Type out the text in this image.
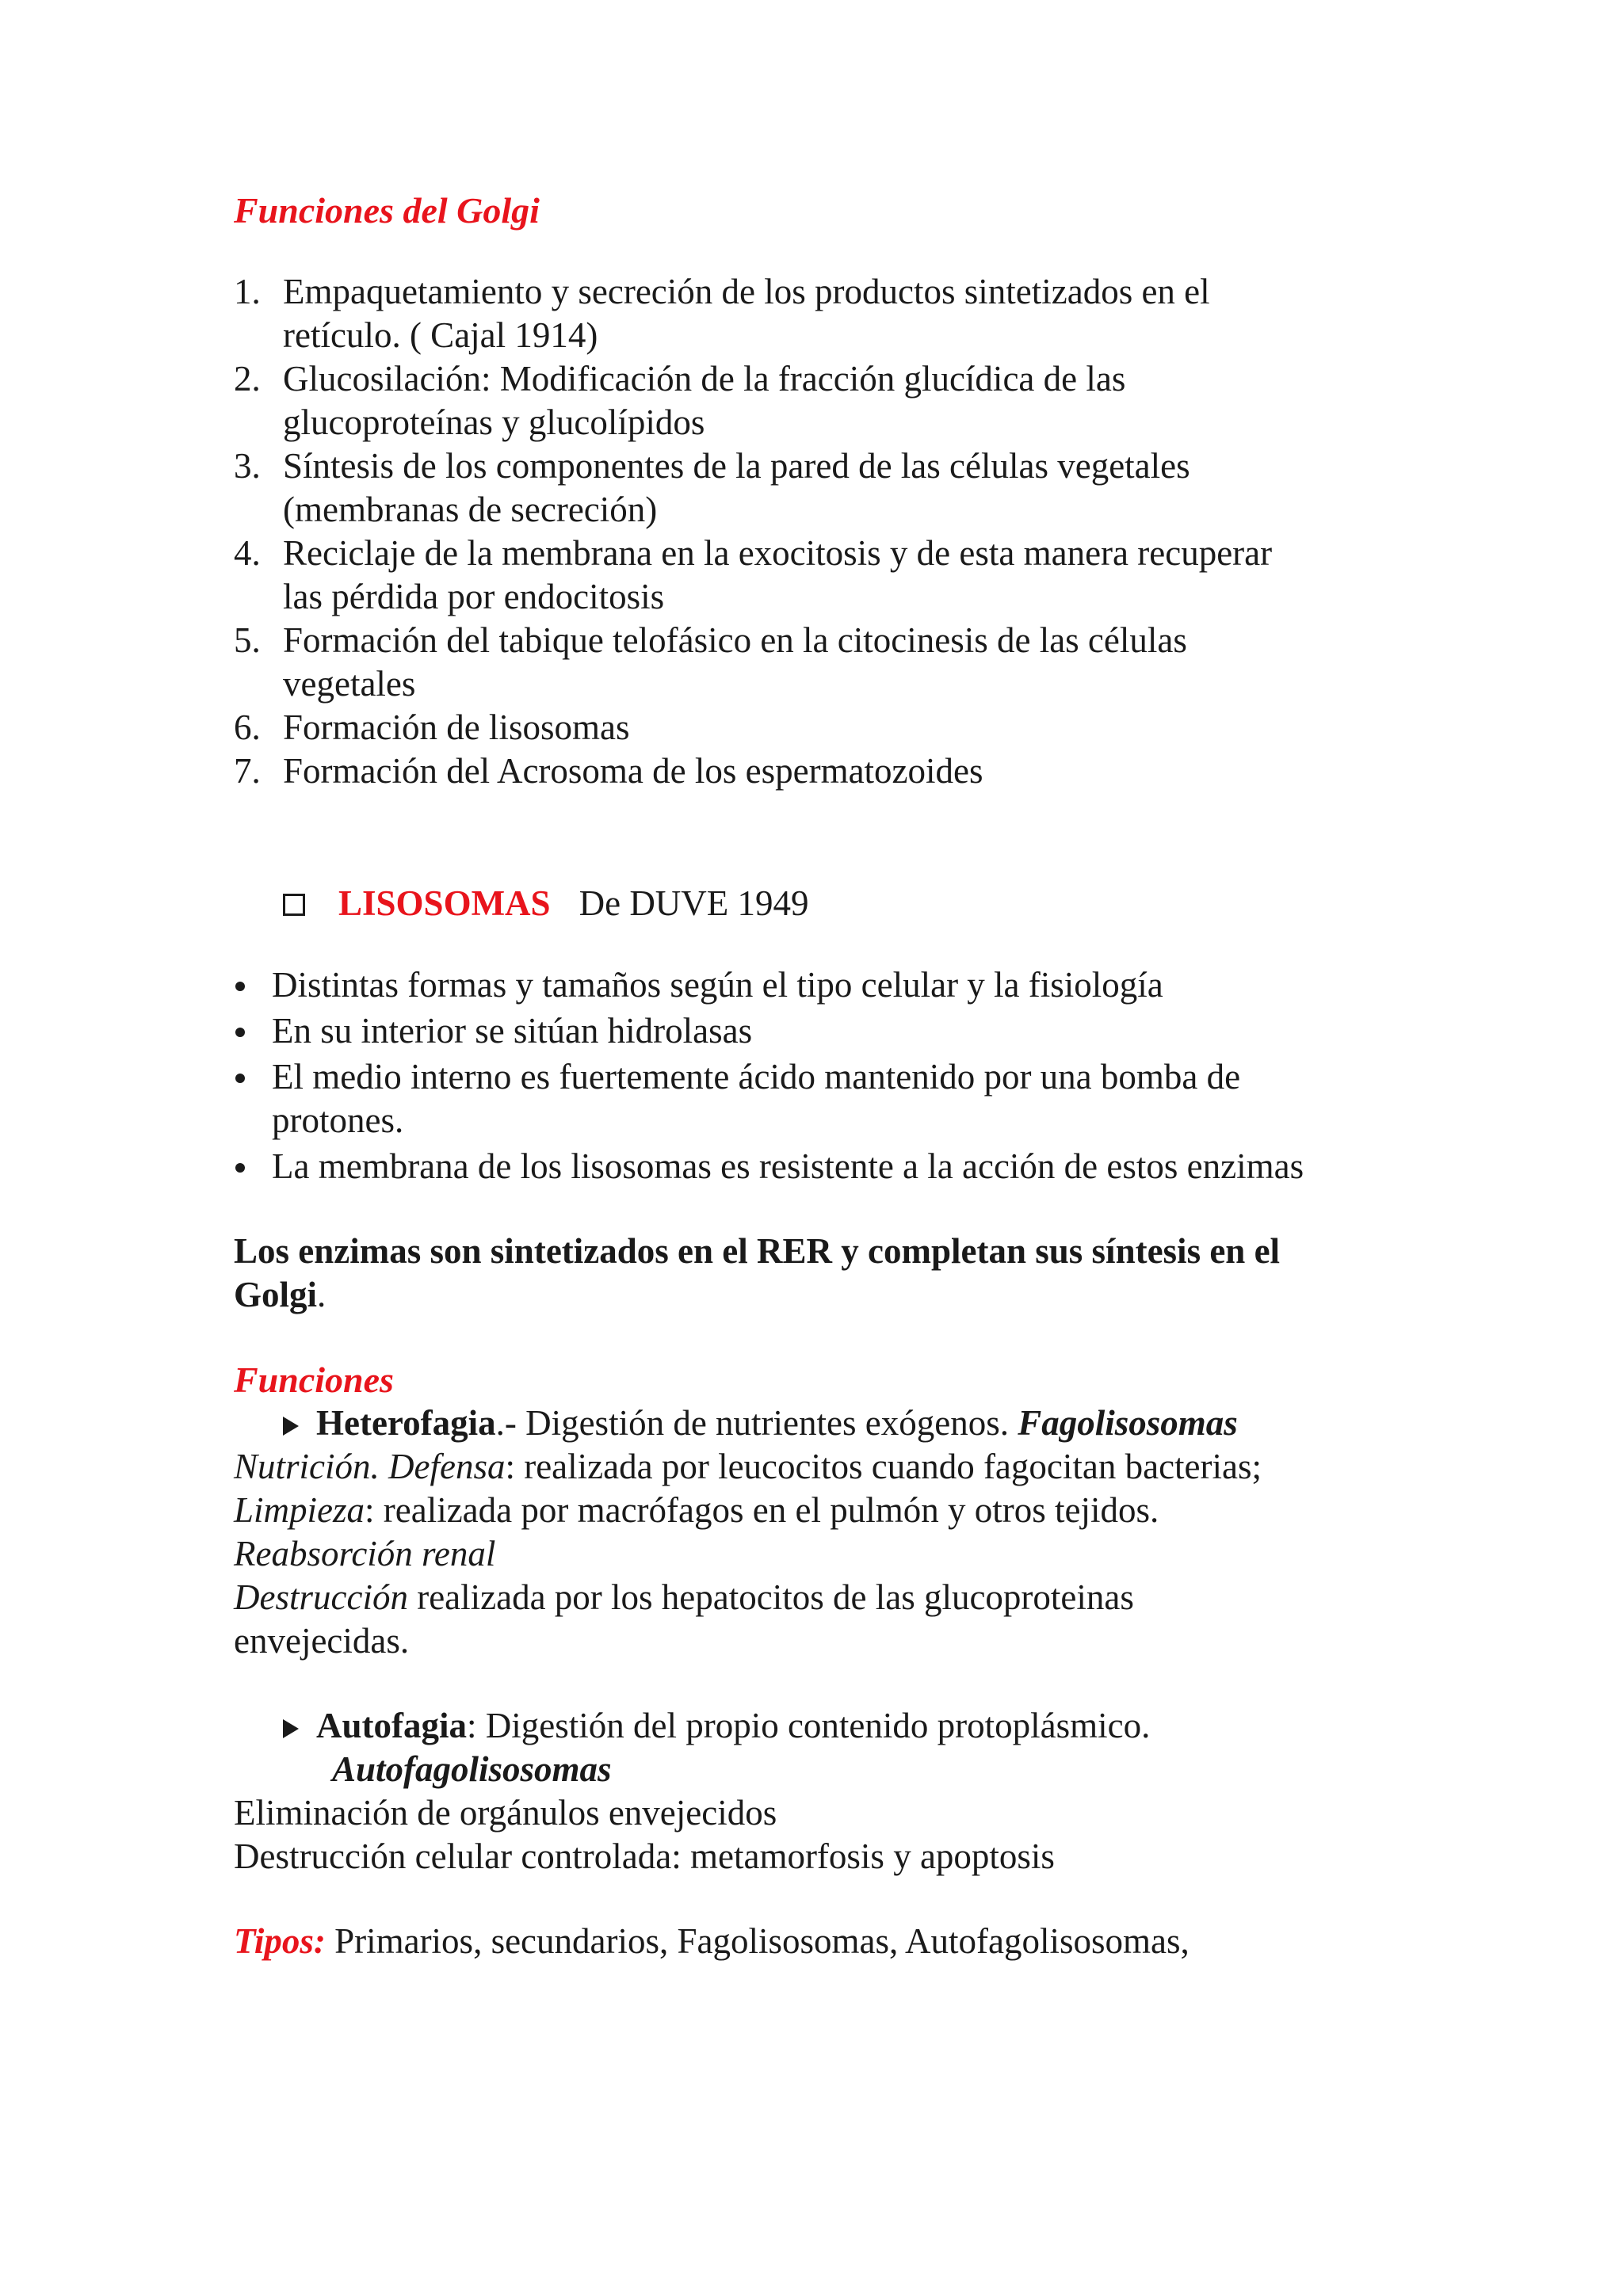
Funciones del Golgi

1. Empaquetamiento y secreción de los productos sintetizados en el
retículo. ( Cajal 1914)
2. Glucosilación: Modificación de la fracción glucídica de las
glucoproteínas y glucolípidos
3. Síntesis de los componentes de la pared de las células vegetales
(membranas de secreción)
4. Reciclaje de la membrana en la exocitosis y de esta manera recuperar
las pérdida por endocitosis
5. Formación del tabique telofásico en la citocinesis de las células
vegetales
6. Formación de lisosomas
7. Formación del Acrosoma de los espermatozoides
LISOSOMAS De DUVE 1949
Distintas formas y tamaños según el tipo celular y la fisiología
En su interior se sitúan hidrolasas
El medio interno es fuertemente ácido mantenido por una bomba de
protones.
La membrana de los lisosomas es resistente a la acción de estos enzimas
Los enzimas son sintetizados en el RER y completan sus síntesis en el
Golgi.

Funciones

Heterofagia.- Digestión de nutrientes exógenos. Fagolisosomas
Nutrición. Defensa: realizada por leucocitos cuando fagocitan bacterias;
Limpieza: realizada por macrófagos en el pulmón y otros tejidos.
Reabsorción renal
Destrucción realizada por los hepatocitos de las glucoproteinas
envejecidas.
Autofagia: Digestión del propio contenido protoplásmico.
Autofagolisosomas
Eliminación de orgánulos envejecidos
Destrucción celular controlada: metamorfosis y apoptosis
Tipos: Primarios, secundarios, Fagolisosomas, Autofagolisosomas,
